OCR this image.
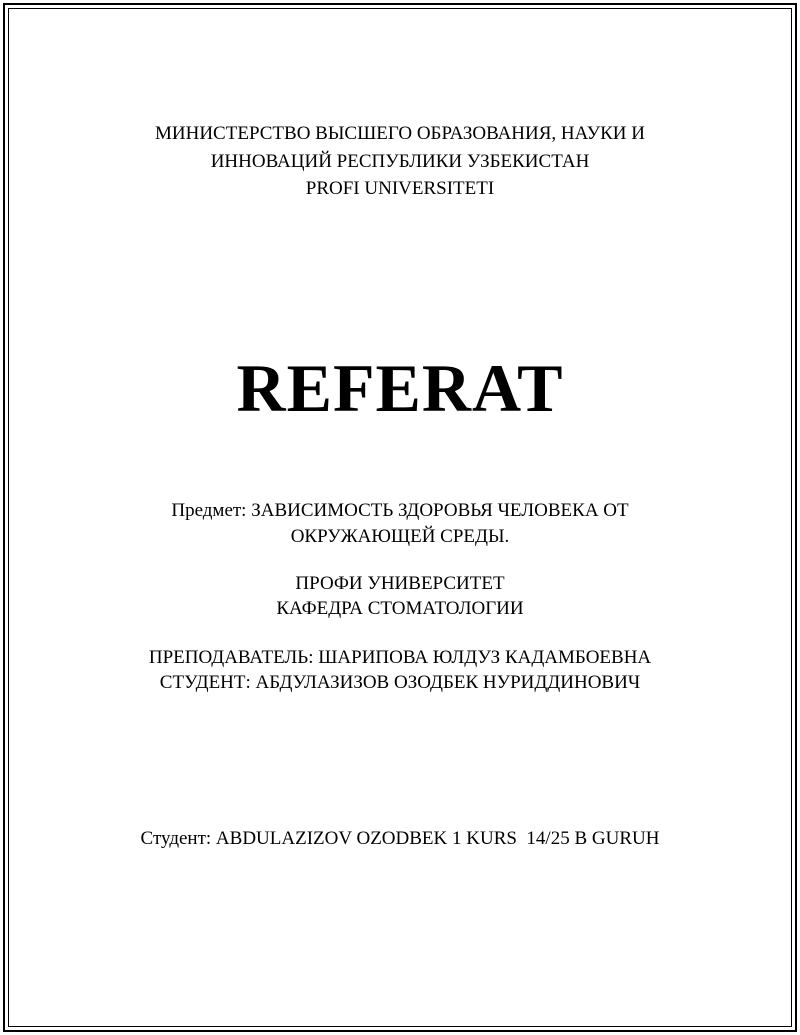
МИНИСТЕРСТВО ВЫСШЕГО ОБРАЗОВАНИЯ, НАУКИ И
ИННОВАЦИЙ РЕСПУБЛИКИ УЗБЕКИСТАН
PROFI UNIVERSITETI
REFERAT
Предмет: ЗАВИСИМОСТЬ ЗДОРОВЬЯ ЧЕЛОВЕКА ОТ
ОКРУЖАЮЩЕЙ СРЕДЫ.
ПРОФИ УНИВЕРСИТЕТ
КАФЕДРА СТОМАТОЛОГИИ
ПРЕПОДАВАТЕЛЬ: ШАРИПОВА ЮЛДУЗ КАДАМБОЕВНА
СТУДЕНТ: АБДУЛАЗИЗОВ ОЗОДБЕК НУРИДДИНОВИЧ
Студент: ABDULAZIZOV OZODBEK 1 KURS  14/25 B GURUH
